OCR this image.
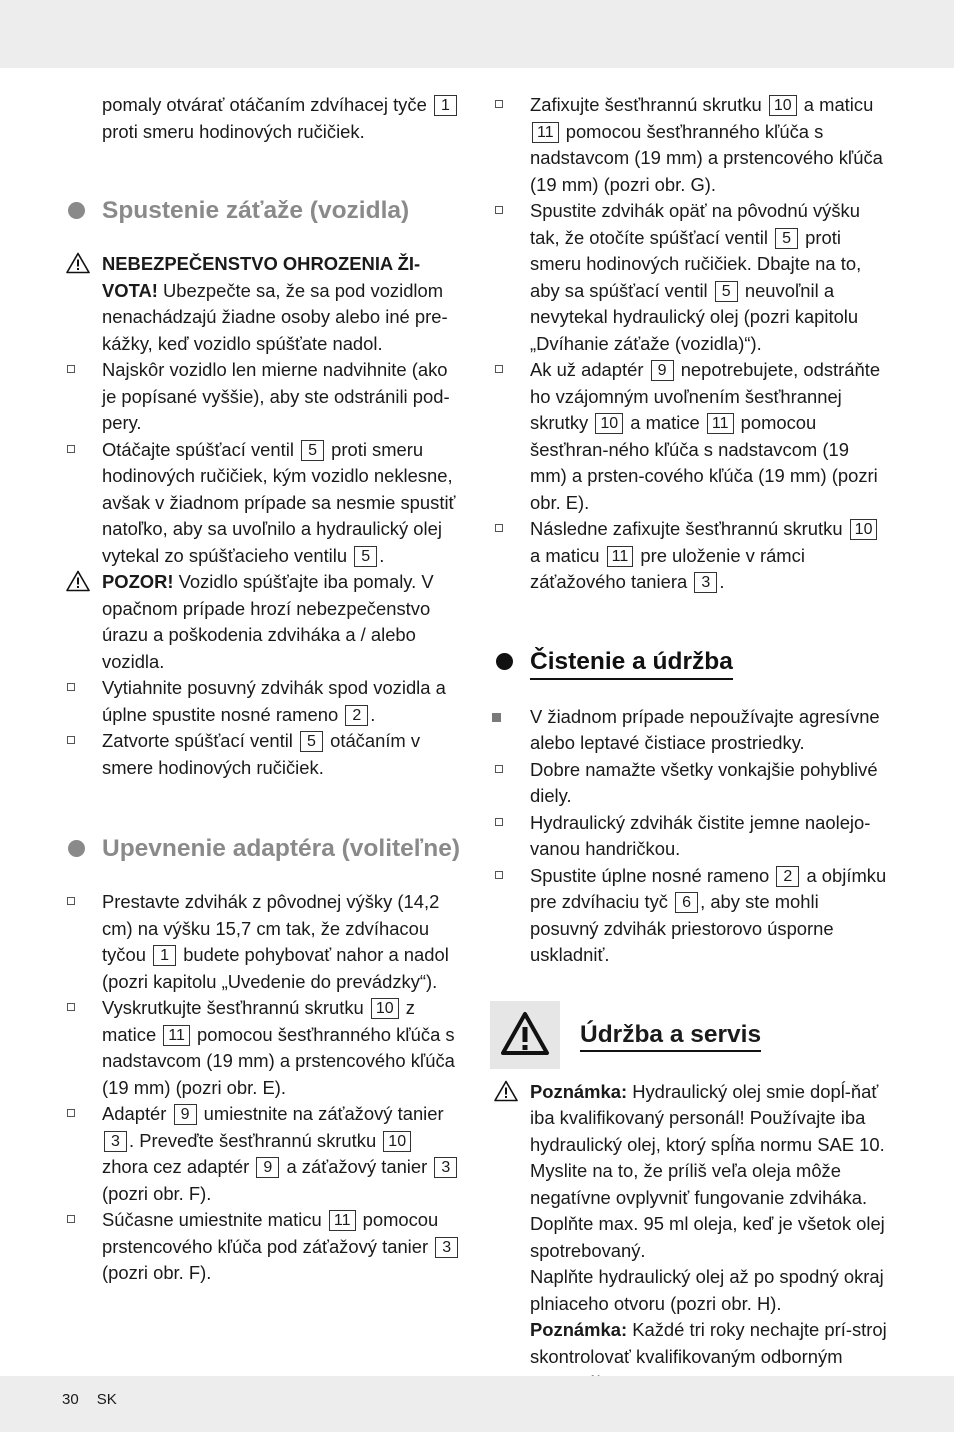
pomaly otvárať otáčaním zdvíhacej tyče 1 proti smeru hodinových ručičiek.

Spustenie záťaže (vozidla)

NEBEZPEČENSTVO OHROZENIA ŽI-VOTA! Ubezpečte sa, že sa pod vozidlom nenachádzajú žiadne osoby alebo iné pre-kážky, keď vozidlo spúšťate nadol.

Najskôr vozidlo len mierne nadvihnite (ako je popísané vyššie), aby ste odstránili pod-pery.

Otáčajte spúšťací ventil 5 proti smeru hodinových ručičiek, kým vozidlo neklesne, avšak v žiadnom prípade sa nesmie spustiť natoľko, aby sa uvoľnilo a hydraulický olej vytekal zo spúšťacieho ventilu 5 .

POZOR! Vozidlo spúšťajte iba pomaly. V opačnom prípade hrozí nebezpečenstvo úrazu a poškodenia zdviháka a / alebo vozidla.

Vytiahnite posuvný zdvihák spod vozidla a úplne spustite nosné rameno 2 .

Zatvorte spúšťací ventil 5 otáčaním v smere hodinových ručičiek.

Upevnenie adaptéra (voliteľne)

Prestavte zdvihák z pôvodnej výšky (14,2 cm) na výšku 15,7 cm tak, že zdvíhacou tyčou 1 budete pohybovať nahor a nadol (pozri kapitolu „Uvedenie do prevádzky“).

Vyskrutkujte šesťhrannú skrutku 10 z matice 11 pomocou šesťhranného kľúča s nadstavcom (19 mm) a prstencového kľúča (19 mm) (pozri obr. E).

Adaptér 9 umiestnite na záťažový tanier 3 . Preveďte šesťhrannú skrutku 10 zhora cez adaptér 9 a záťažový tanier 3 (pozri obr. F).

Súčasne umiestnite maticu 11 pomocou prstencového kľúča pod záťažový tanier 3 (pozri obr. F).

Zafixujte šesťhrannú skrutku 10 a maticu 11 pomocou šesťhranného kľúča s nadstavcom (19 mm) a prstencového kľúča (19 mm) (pozri obr. G).

Spustite zdvihák opäť na pôvodnú výšku tak, že otočíte spúšťací ventil 5 proti smeru hodinových ručičiek. Dbajte na to, aby sa spúšťací ventil 5 neuvoľnil a nevytekal hydraulický olej (pozri kapitolu „Dvíhanie záťaže (vozidla)“).

Ak už adaptér 9 nepotrebujete, odstráňte ho vzájomným uvoľnením šesťhrannej skrutky 10 a matice 11 pomocou šesťhran-ného kľúča s nadstavcom (19 mm) a prsten-cového kľúča (19 mm) (pozri obr. E).

Následne zafixujte šesťhrannú skrutku 10 a maticu 11 pre uloženie v rámci záťažového taniera 3 .

Čistenie a údržba

V žiadnom prípade nepoužívajte agresívne alebo leptavé čistiace prostriedky.

Dobre namažte všetky vonkajšie pohyblivé diely.

Hydraulický zdvihák čistite jemne naolejo-vanou handričkou.

Spustite úplne nosné rameno 2 a objímku pre zdvíhaciu tyč 6 , aby ste mohli posuvný zdvihák priestorovo úsporne uskladniť.

Údržba a servis

Poznámka: Hydraulický olej smie dopĺ-ňať iba kvalifikovaný personál! Používajte iba hydraulický olej, ktorý spĺňa normu SAE 10. Myslite na to, že príliš veľa oleja môže negatívne ovplyvniť fungovanie zdviháka. Doplňte max. 95 ml oleja, keď je všetok olej spotrebovaný.

Naplňte hydraulický olej až po spodný okraj plniaceho otvoru (pozri obr. H).

Poznámka: Každé tri roky nechajte prí-stroj skontrolovať kvalifikovaným odborným

30 SK
